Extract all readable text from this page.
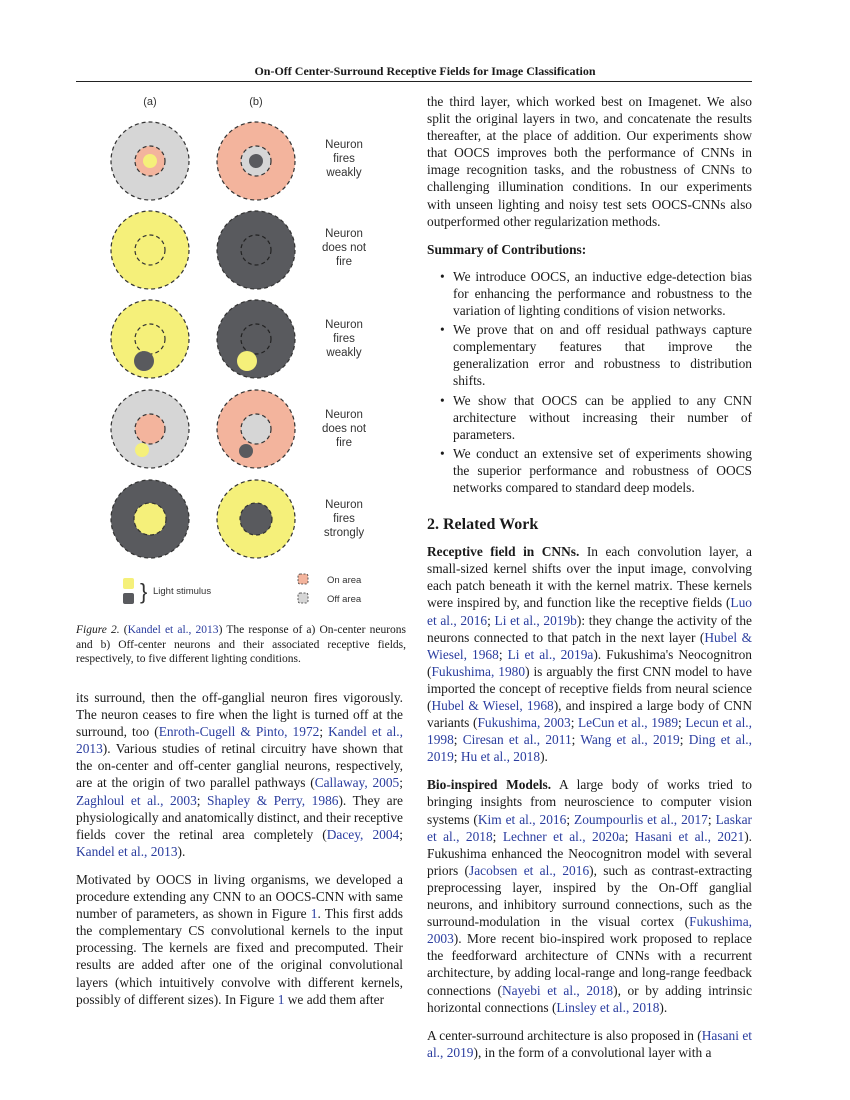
On-Off Center-Surround Receptive Fields for Image Classification
(a)	(b)
Neuron
fires
weakly
Neuron
does not
fire
Neuron
fires
weakly
Neuron
does not
fire
Neuron
fires
strongly
} Light stimulus
On area
Off area
Figure 2. (Kandel et al., 2013) The response of a) On-center neurons and b) Off-center neurons and their associated receptive fields, respectively, to five different lighting conditions.

its surround, then the off-ganglial neuron fires vigorously. The neuron ceases to fire when the light is turned off at the surround, too (Enroth-Cugell & Pinto, 1972; Kandel et al., 2013). Various studies of retinal circuitry have shown that the on-center and off-center ganglial neurons, respectively, are at the origin of two parallel pathways (Callaway, 2005; Zaghloul et al., 2003; Shapley & Perry, 1986). They are physiologically and anatomically distinct, and their receptive fields cover the retinal area completely (Dacey, 2004; Kandel et al., 2013).

Motivated by OOCS in living organisms, we developed a procedure extending any CNN to an OOCS-CNN with same number of parameters, as shown in Figure 1. This first adds the complementary CS convolutional kernels to the input processing. The kernels are fixed and precomputed. Their results are added after one of the original convolutional layers (which intuitively convolve with different kernels, possibly of different sizes). In Figure 1 we add them after

the third layer, which worked best on Imagenet. We also split the original layers in two, and concatenate the results thereafter, at the place of addition. Our experiments show that OOCS improves both the performance of CNNs in image recognition tasks, and the robustness of CNNs to challenging illumination conditions. In our experiments with unseen lighting and noisy test sets OOCS-CNNs also outperformed other regularization methods.

Summary of Contributions:
• We introduce OOCS, an inductive edge-detection bias for enhancing the performance and robustness to the variation of lighting conditions of vision networks.
• We prove that on and off residual pathways capture complementary features that improve the generalization error and robustness to distribution shifts.
• We show that OOCS can be applied to any CNN architecture without increasing their number of parameters.
• We conduct an extensive set of experiments showing the superior performance and robustness of OOCS networks compared to standard deep models.
2. Related Work

Receptive field in CNNs. In each convolution layer, a small-sized kernel shifts over the input image, convolving each patch beneath it with the kernel matrix. These kernels were inspired by, and function like the receptive fields (Luo et al., 2016; Li et al., 2019b): they change the activity of the neurons connected to that patch in the next layer (Hubel & Wiesel, 1968; Li et al., 2019a). Fukushima's Neocognitron (Fukushima, 1980) is arguably the first CNN model to have imported the concept of receptive fields from neural science (Hubel & Wiesel, 1968), and inspired a large body of CNN variants (Fukushima, 2003; LeCun et al., 1989; Lecun et al., 1998; Ciresan et al., 2011; Wang et al., 2019; Ding et al., 2019; Hu et al., 2018).

Bio-inspired Models. A large body of works tried to bringing insights from neuroscience to computer vision systems (Kim et al., 2016; Zoumpourlis et al., 2017; Laskar et al., 2018; Lechner et al., 2020a; Hasani et al., 2021). Fukushima enhanced the Neocognitron model with several priors (Jacobsen et al., 2016), such as contrast-extracting preprocessing layer, inspired by the On-Off ganglial neurons, and inhibitory surround connections, such as the surround-modulation in the visual cortex (Fukushima, 2003). More recent bio-inspired work proposed to replace the feedforward architecture of CNNs with a recurrent architecture, by adding local-range and long-range feedback connections (Nayebi et al., 2018), or by adding intrinsic horizontal connections (Linsley et al., 2018).

A center-surround architecture is also proposed in (Hasani et al., 2019), in the form of a convolutional layer with a
